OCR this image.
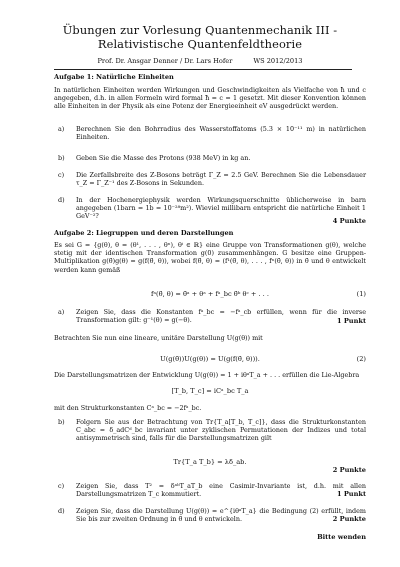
Übungen zur Vorlesung Quantenmechanik III -
Relativistische Quantenfeldtheorie
Prof. Dr. Ansgar Denner / Dr. Lars Hofer          WS 2012/2013
Aufgabe 1: Natürliche Einheiten
In natürlichen Einheiten werden Wirkungen und Geschwindigkeiten als Vielfache von ħ und c angegeben, d.h. in allen Formeln wird formal ħ = c = 1 gesetzt. Mit dieser Konvention können alle Einheiten in der Physik als eine Potenz der Energieeinheit eV ausgedrückt werden.
a) Berechnen Sie den Bohrradius des Wasserstoffatoms (5.3 × 10⁻¹¹ m) in natürlichen Einheiten.
b) Geben Sie die Masse des Protons (938 MeV) in kg an.
c) Die Zerfallsbreite des Z-Bosons beträgt Γ_Z = 2.5 GeV. Berechnen Sie die Lebensdauer τ_Z = Γ_Z⁻¹ des Z-Bosons in Sekunden.
d) In der Hochenergiephysik werden Wirkungsquerschnitte üblicherweise in barn angegeben (1barn = 1b = 10⁻²⁸m²). Wieviel millibarn entspricht die natürliche Einheit 1 GeV⁻²?
4 Punkte
Aufgabe 2: Liegruppen und deren Darstellungen
Es sei G = {g(θ), θ = (θ¹, . . . , θⁿ), θⁱ ∈ ℝ} eine Gruppe von Transformationen g(θ), welche stetig mit der identischen Transformation g(0) zusammenhängen. G besitze eine Gruppen-Multiplikation g(θ̄)g(θ) = g(f(θ̄, θ)), wobei f(θ̄, θ) = (f¹(θ̄, θ), . . . , fⁿ(θ̄, θ)) in θ̄ und θ entwickelt werden kann gemäß
fᵃ(θ̄, θ) = θ̄ᵃ + θᵃ + fᵃ_bc θ̄ᵇ θᶜ + . . .	(1)
a) Zeigen Sie, dass die Konstanten fᵃ_bc = −fᵃ_cb erfüllen, wenn für die inverse Transformation gilt: g⁻¹(θ) = g(−θ).	1 Punkt
Betrachten Sie nun eine lineare, unitäre Darstellung U(g(θ)) mit
U(g(θ̄))U(g(θ)) = U(g(f(θ̄, θ))).	(2)
Die Darstellungsmatrizen der Entwicklung U(g(θ)) = 1 + iθᵃT_a + . . . erfüllen die Lie-Algebra
[T_b, T_c] = iCᵃ_bc T_a
mit den Strukturkonstanten Cᵃ_bc = −2fᵃ_bc.
b) Folgern Sie aus der Betrachtung von Tr{T_a[T_b, T_c]}, dass die Strukturkonstanten C_abc = δ_adCᵈ_bc invariant unter zyklischen Permutationen der Indizes und total antisymmetrisch sind, falls für die Darstellungsmatrizen gilt
Tr{T_a T_b} = λδ_ab.
2 Punkte
c) Zeigen Sie, dass T² = δᵃᵇT_aT_b eine Casimir-Invariante ist, d.h. mit allen Darstellungsmatrizen T_c kommutiert.	1 Punkt
d) Zeigen Sie, dass die Darstellung U(g(θ)) = e^{iθᵃT_a} die Bedingung (2) erfüllt, indem Sie bis zur zweiten Ordnung in θ̄ und θ entwickeln.	2 Punkte
Bitte wenden
